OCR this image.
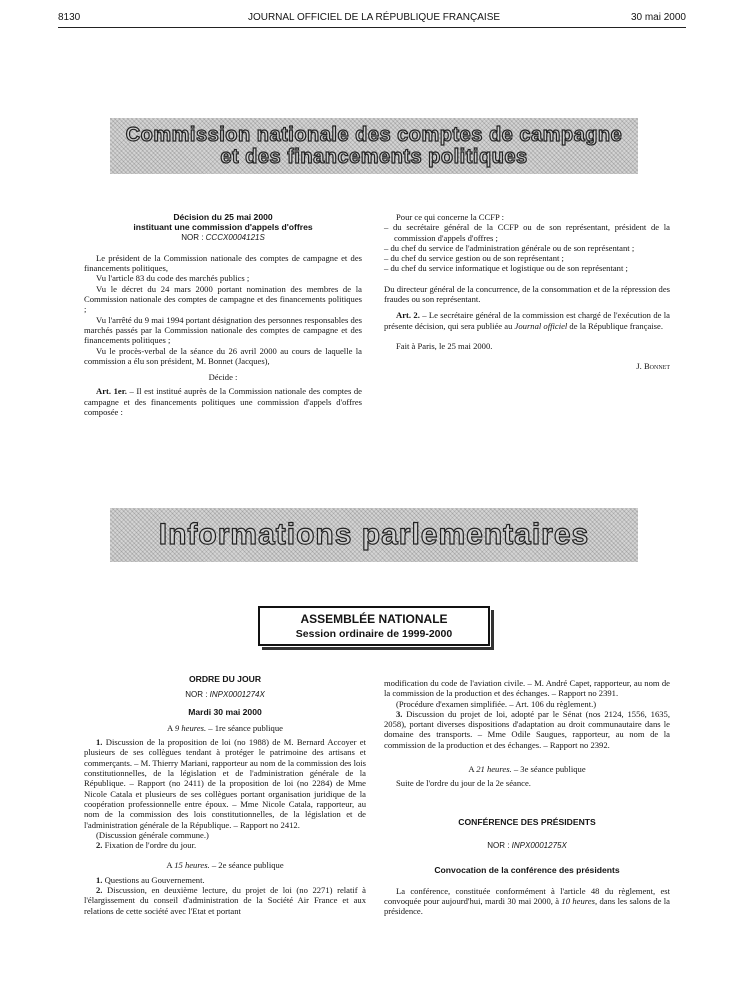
8130	JOURNAL OFFICIEL DE LA RÉPUBLIQUE FRANÇAISE	30 mai 2000
Commission nationale des comptes de campagne
et des financements politiques

Décision du 25 mai 2000

instituant une commission d'appels d'offres

NOR : CCCX0004121S

Le président de la Commission nationale des comptes de campagne et des financements politiques,

Vu l'article 83 du code des marchés publics ;

Vu le décret du 24 mars 2000 portant nomination des membres de la Commission nationale des comptes de campagne et des financements politiques ;

Vu l'arrêté du 9 mai 1994 portant désignation des personnes responsables des marchés passés par la Commission nationale des comptes de campagne et des financements politiques ;

Vu le procès-verbal de la séance du 26 avril 2000 au cours de laquelle la commission a élu son président, M. Bonnet (Jacques),

Décide :

Art. 1er. – Il est institué auprès de la Commission nationale des comptes de campagne et des financements politiques une commission d'appels d'offres composée :

Pour ce qui concerne la CCFP :

– du secrétaire général de la CCFP ou de son représentant, président de la commission d'appels d'offres ;

– du chef du service de l'administration générale ou de son représentant ;

– du chef du service gestion ou de son représentant ;

– du chef du service informatique et logistique ou de son représentant ;

Du directeur général de la concurrence, de la consommation et de la répression des fraudes ou son représentant.

Art. 2. – Le secrétaire général de la commission est chargé de l'exécution de la présente décision, qui sera publiée au Journal officiel de la République française.

Fait à Paris, le 25 mai 2000.

J. Bonnet

Informations parlementaires
ASSEMBLÉE NATIONALE
Session ordinaire de 1999-2000

ORDRE DU JOUR

NOR : INPX0001274X

Mardi 30 mai 2000

A 9 heures. – 1re séance publique

1. Discussion de la proposition de loi (no 1988) de M. Bernard Accoyer et plusieurs de ses collègues tendant à protéger le patrimoine des artisans et commerçants. – M. Thierry Mariani, rapporteur au nom de la commission des lois constitutionnelles, de la législation et de l'administration générale de la République. – Rapport (no 2411) de la proposition de loi (no 2284) de Mme Nicole Catala et plusieurs de ses collègues portant organisation juridique de la coopération professionnelle entre époux. – Mme Nicole Catala, rapporteur, au nom de la commission des lois constitutionnelles, de la législation et de l'administration générale de la République. – Rapport no 2412.

(Discussion générale commune.)

2. Fixation de l'ordre du jour.

A 15 heures. – 2e séance publique

1. Questions au Gouvernement.

2. Discussion, en deuxième lecture, du projet de loi (no 2271) relatif à l'élargissement du conseil d'administration de la Société Air France et aux relations de cette société avec l'Etat et portant

modification du code de l'aviation civile. – M. André Capet, rapporteur, au nom de la commission de la production et des échanges. – Rapport no 2391.

(Procédure d'examen simplifiée. – Art. 106 du règlement.)

3. Discussion du projet de loi, adopté par le Sénat (nos 2124, 1556, 1635, 2058), portant diverses dispositions d'adaptation au droit communautaire dans le domaine des transports. – Mme Odile Saugues, rapporteur, au nom de la commission de la production et des échanges. – Rapport no 2392.

A 21 heures. – 3e séance publique

Suite de l'ordre du jour de la 2e séance.

CONFÉRENCE DES PRÉSIDENTS

NOR : INPX0001275X

Convocation de la conférence des présidents

La conférence, constituée conformément à l'article 48 du règlement, est convoquée pour aujourd'hui, mardi 30 mai 2000, à 10 heures, dans les salons de la présidence.
